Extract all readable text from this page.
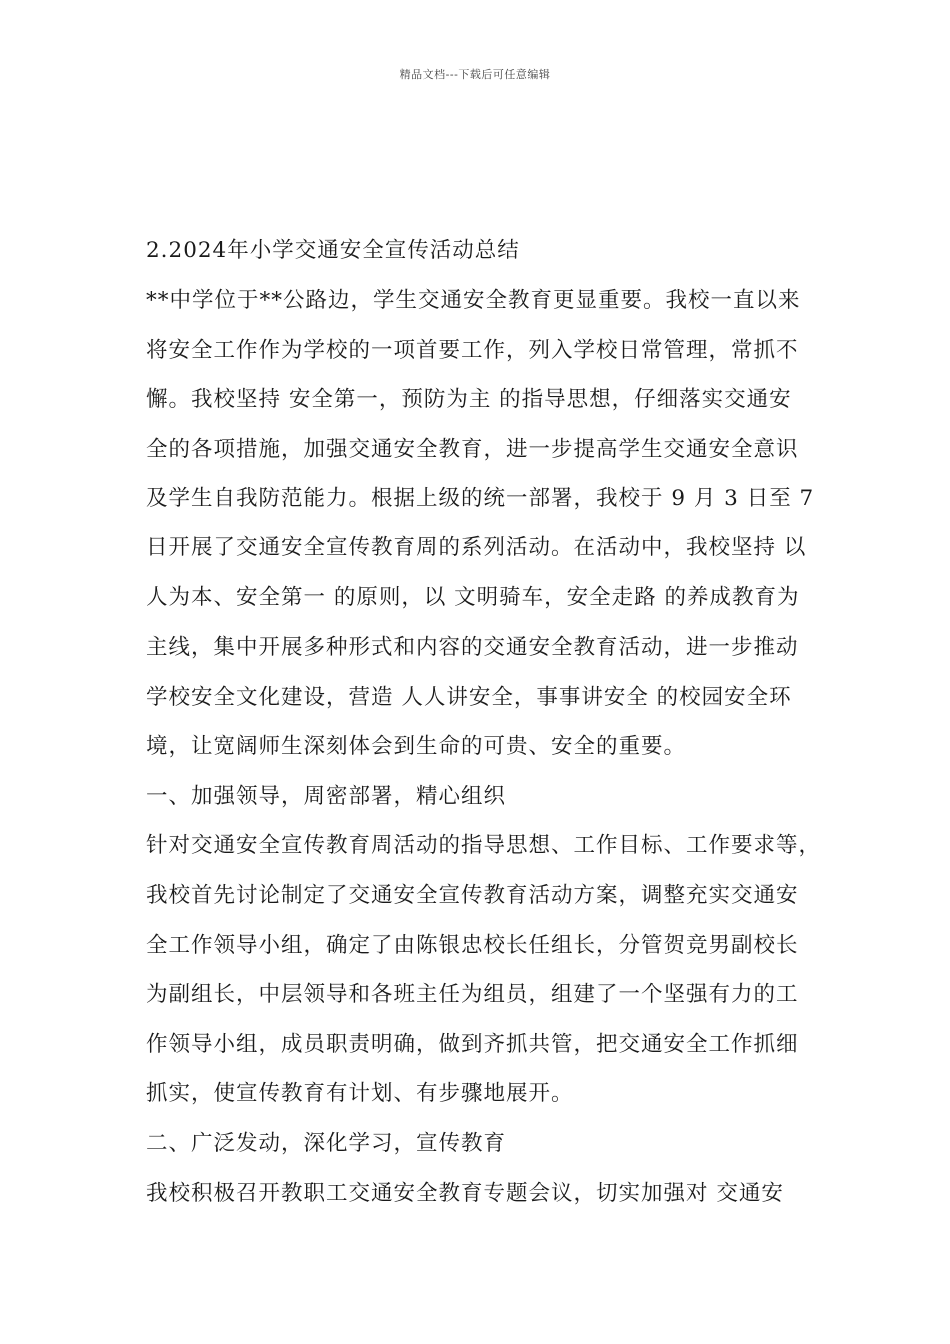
精品文档---下载后可任意编辑
2.2024年小学交通安全宣传活动总结
**中学位于**公路边，学生交通安全教育更显重要。我校一直以来
将安全工作作为学校的一项首要工作，列入学校日常管理，常抓不
懈。我校坚持 安全第一，预防为主 的指导思想，仔细落实交通安
全的各项措施，加强交通安全教育，进一步提高学生交通安全意识
及学生自我防范能力。根据上级的统一部署，我校于 9 月 3 日至 7
日开展了交通安全宣传教育周的系列活动。在活动中，我校坚持 以
人为本、安全第一 的原则，以 文明骑车，安全走路 的养成教育为
主线，集中开展多种形式和内容的交通安全教育活动，进一步推动
学校安全文化建设，营造 人人讲安全，事事讲安全 的校园安全环
境，让宽阔师生深刻体会到生命的可贵、安全的重要。
一、加强领导，周密部署，精心组织
针对交通安全宣传教育周活动的指导思想、工作目标、工作要求等，
我校首先讨论制定了交通安全宣传教育活动方案，调整充实交通安
全工作领导小组，确定了由陈银忠校长任组长，分管贺竞男副校长
为副组长，中层领导和各班主任为组员，组建了一个坚强有力的工
作领导小组，成员职责明确，做到齐抓共管，把交通安全工作抓细
抓实，使宣传教育有计划、有步骤地展开。
二、广泛发动，深化学习，宣传教育
我校积极召开教职工交通安全教育专题会议，切实加强对 交通安
